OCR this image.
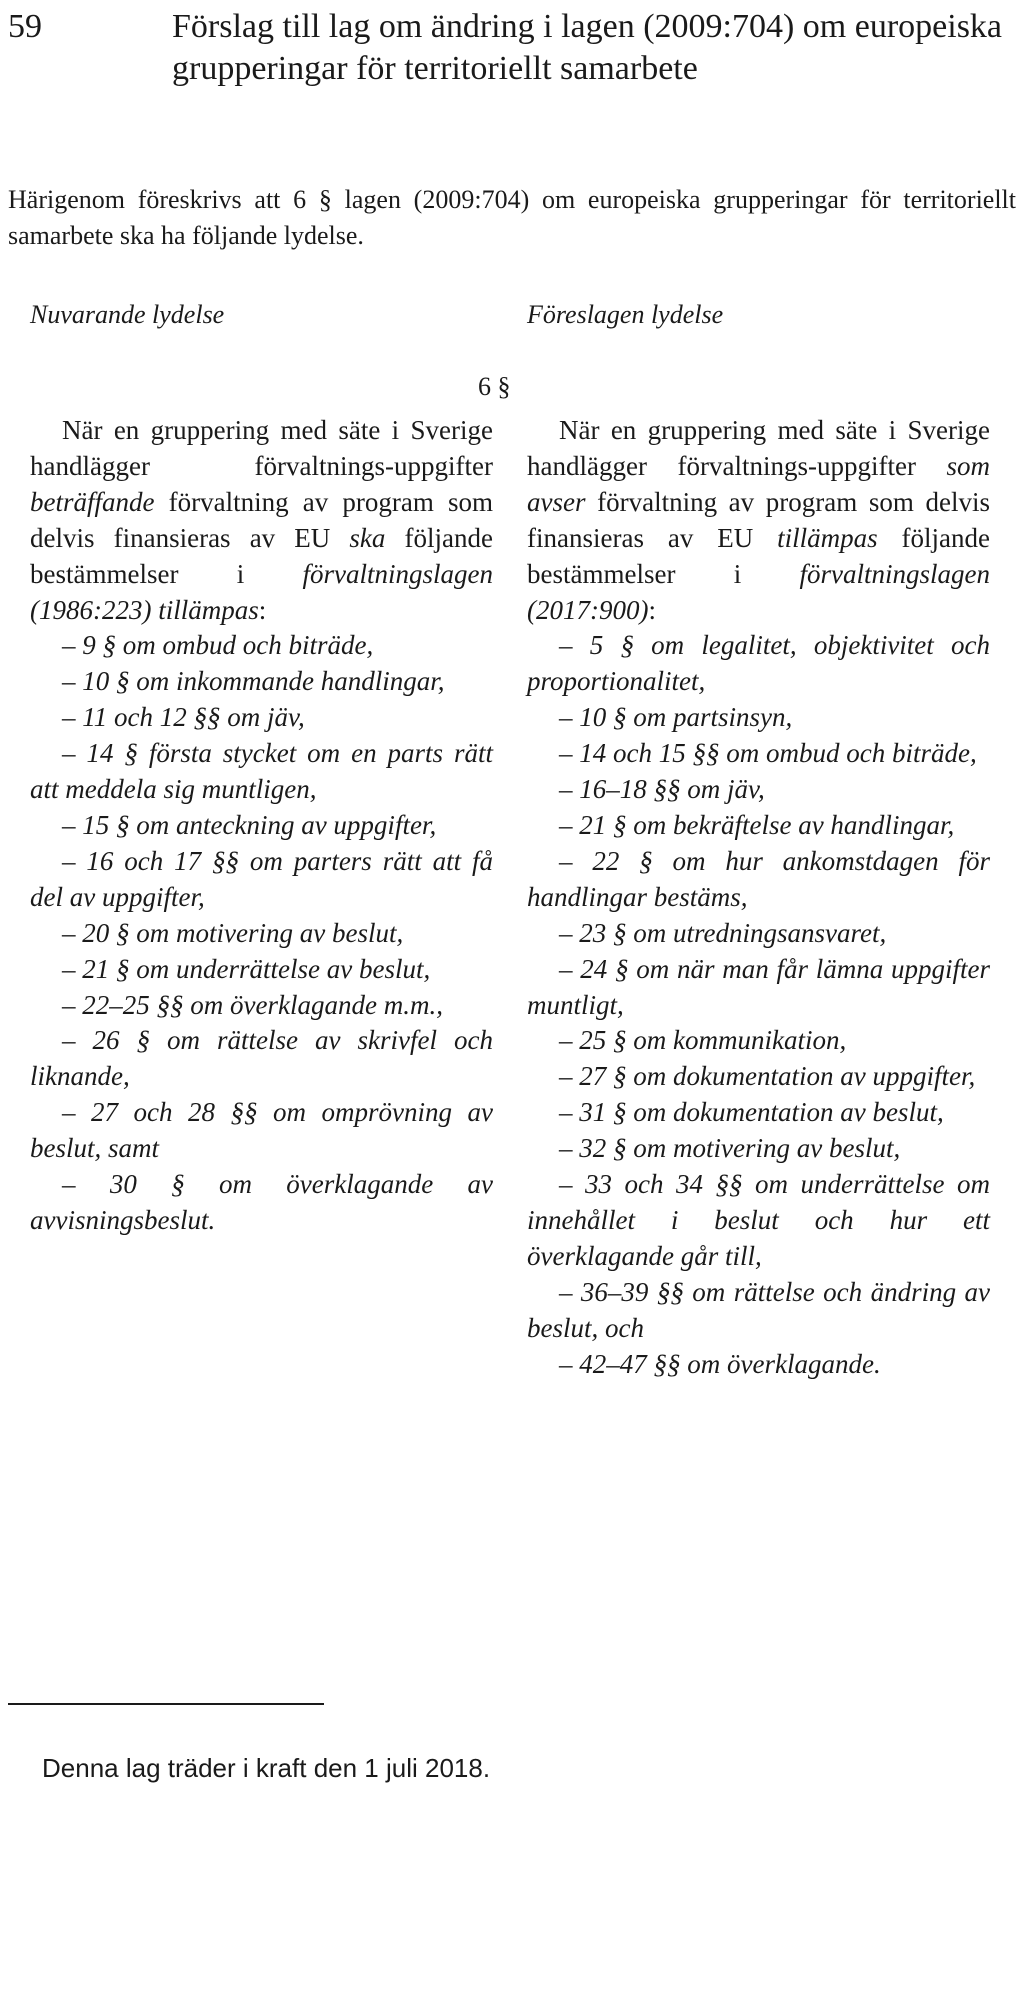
59	Förslag till lag om ändring i lagen (2009:704) om europeiska grupperingar för territoriellt samarbete
Härigenom föreskrivs att 6 § lagen (2009:704) om europeiska grupperingar för territoriellt samarbete ska ha följande lydelse.
Nuvarande lydelse	Föreslagen lydelse
6 §

När en gruppering med säte i Sverige handlägger förvaltnings-uppgifter beträffande förvaltning av program som delvis finansieras av EU ska följande bestämmelser i förvaltningslagen (1986:223) tillämpas:

– 9 § om ombud och biträde,

– 10 § om inkommande handlingar,

– 11 och 12 §§ om jäv,

– 14 § första stycket om en parts rätt att meddela sig muntligen,

– 15 § om anteckning av uppgifter,

– 16 och 17 §§ om parters rätt att få del av uppgifter,

– 20 § om motivering av beslut,

– 21 § om underrättelse av beslut,

– 22–25 §§ om överklagande m.m.,

– 26 § om rättelse av skrivfel och liknande,

– 27 och 28 §§ om omprövning av beslut, samt

– 30 § om överklagande av avvisningsbeslut.

När en gruppering med säte i Sverige handlägger förvaltnings-uppgifter som avser förvaltning av program som delvis finansieras av EU tillämpas följande bestämmelser i förvaltningslagen (2017:900):

– 5 § om legalitet, objektivitet och proportionalitet,

– 10 § om partsinsyn,

– 14 och 15 §§ om ombud och biträde,

– 16–18 §§ om jäv,

– 21 § om bekräftelse av handlingar,

– 22 § om hur ankomstdagen för handlingar bestäms,

– 23 § om utredningsansvaret,

– 24 § om när man får lämna uppgifter muntligt,

– 25 § om kommunikation,

– 27 § om dokumentation av uppgifter,

– 31 § om dokumentation av beslut,

– 32 § om motivering av beslut,

– 33 och 34 §§ om underrättelse om innehållet i beslut och hur ett överklagande går till,

– 36–39 §§ om rättelse och ändring av beslut, och

– 42–47 §§ om överklagande.

Denna lag träder i kraft den 1 juli 2018.
